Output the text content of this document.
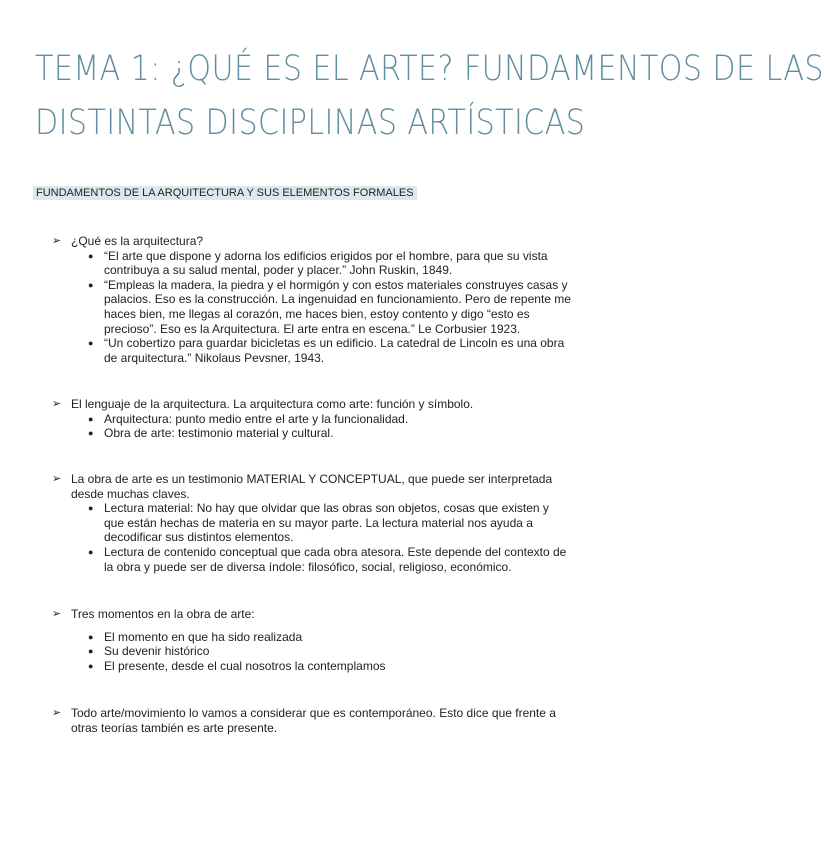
TEMA 1: ¿QUÉ ES EL ARTE? FUNDAMENTOS DE LAS
DISTINTAS DISCIPLINAS ARTÍSTICAS
FUNDAMENTOS DE LA ARQUITECTURA Y SUS ELEMENTOS FORMALES
➢ ¿Qué es la arquitectura?
● “El arte que dispone y adorna los edificios erigidos por el hombre, para que su vista contribuya a su salud mental, poder y placer.” John Ruskin, 1849.
● “Empleas la madera, la piedra y el hormigón y con estos materiales construyes casas y palacios. Eso es la construcción. La ingenuidad en funcionamiento. Pero de repente me haces bien, me llegas al corazón, me haces bien, estoy contento y digo “esto es precioso”. Eso es la Arquitectura. El arte entra en escena.” Le Corbusier 1923.
● “Un cobertizo para guardar bicicletas es un edificio. La catedral de Lincoln es una obra de arquitectura.” Nikolaus Pevsner, 1943.
➢ El lenguaje de la arquitectura. La arquitectura como arte: función y símbolo.
● Arquitectura: punto medio entre el arte y la funcionalidad.
● Obra de arte: testimonio material y cultural.
➢ La obra de arte es un testimonio MATERIAL Y CONCEPTUAL, que puede ser interpretada desde muchas claves.
● Lectura material: No hay que olvidar que las obras son objetos, cosas que existen y que están hechas de materia en su mayor parte. La lectura material nos ayuda a decodificar sus distintos elementos.
● Lectura de contenido conceptual que cada obra atesora. Este depende del contexto de la obra y puede ser de diversa índole: filosófico, social, religioso, económico.
➢ Tres momentos en la obra de arte:
● El momento en que ha sido realizada
● Su devenir histórico
● El presente, desde el cual nosotros la contemplamos
➢ Todo arte/movimiento lo vamos a considerar que es contemporáneo. Esto dice que frente a otras teorías también es arte presente.
